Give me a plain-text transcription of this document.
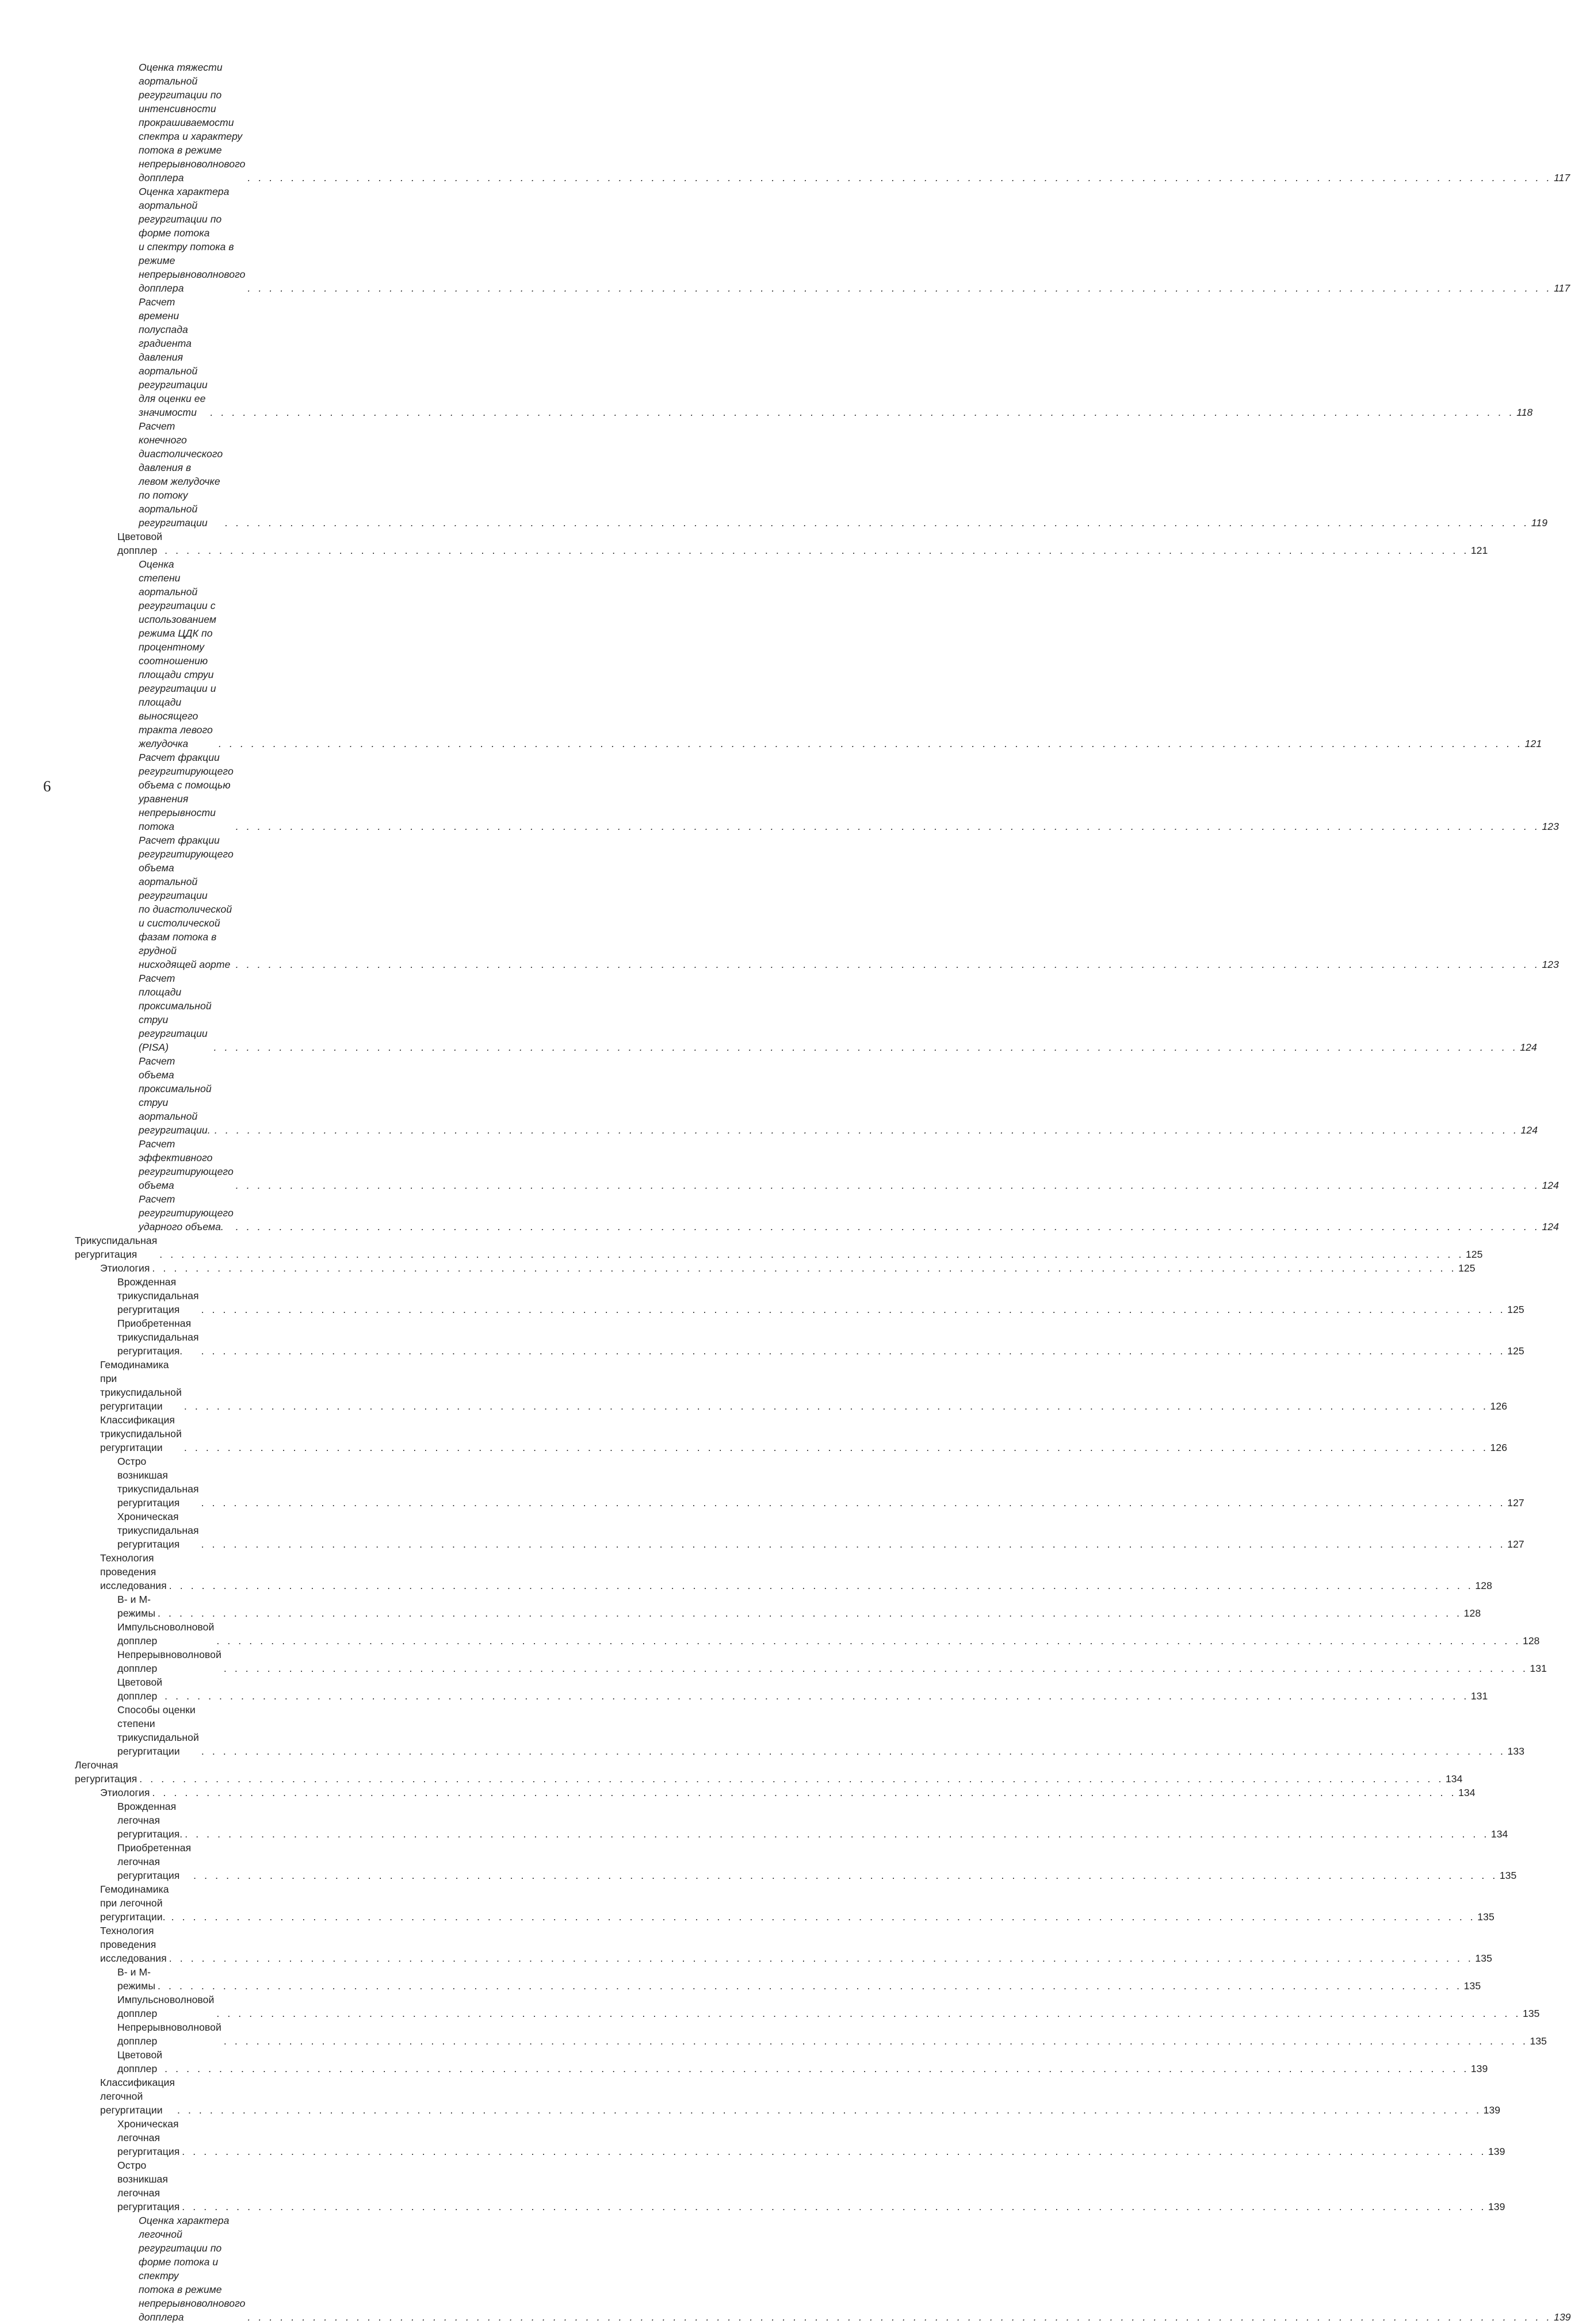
Оценка тяжести аортальной регургитации по интенсивности
прокрашиваемости спектра и характеру потока в режиме
непрерывноволнового допплера	. . . . . . . . . . . . . . . . . . . . . . . . . . . . . . . . . . . . . . . . . . . . . . . . . . . . . . . . . . . . . . . . . . . . . . . . . . . . . . . . . . . . . . . . . . . . . . . . . . . . . . . . . . . . . . . . . . . . . . . . 117
Оценка характера аортальной регургитации по форме потока
и спектру потока в режиме непрерывноволнового допплера	. . . . . . . . . . . . . . . . . . . . . . . . . . . . . . . . . . . . . . . . . . . . . . . . . . . . . . . . . . . . . . . . . . . . . . . . . . . . . . . . . . . . . . . . . . . . . . . . . . . . . . . . . . . . . . . . . . . . . . . . 117
Расчет времени полуспада градиента давления аортальной
регургитации для оценки ее значимости	. . . . . . . . . . . . . . . . . . . . . . . . . . . . . . . . . . . . . . . . . . . . . . . . . . . . . . . . . . . . . . . . . . . . . . . . . . . . . . . . . . . . . . . . . . . . . . . . . . . . . . . . . . . . . . . . . . . . . . . . 118
Расчет конечного диастолического давления в левом желудочке
по потоку аортальной регургитации	. . . . . . . . . . . . . . . . . . . . . . . . . . . . . . . . . . . . . . . . . . . . . . . . . . . . . . . . . . . . . . . . . . . . . . . . . . . . . . . . . . . . . . . . . . . . . . . . . . . . . . . . . . . . . . . . . . . . . . . . 119
Цветовой допплер . . . . . . . . . . . . . . . . . . . . . . . . . . . . . . . . . . . . . . . . . . . . . . . . . . . . . . . . . . . . . . . . . . . . . . . . . . . . . . . . . . . . . . . . . . . . . . . . . . . . . . . . . . . . . . . . . . . . . . . . 121
Оценка степени аортальной регургитации с использованием
режима ЦДК по процентному соотношению площади струи
регургитации и площади выносящего тракта левого желудочка	. . . . . . . . . . . . . . . . . . . . . . . . . . . . . . . . . . . . . . . . . . . . . . . . . . . . . . . . . . . . . . . . . . . . . . . . . . . . . . . . . . . . . . . . . . . . . . . . . . . . . . . . . . . . . . . . . . . . . . . . 121
Расчет фракции регургитирующего объема с помощью уравнения
непрерывности потока	. . . . . . . . . . . . . . . . . . . . . . . . . . . . . . . . . . . . . . . . . . . . . . . . . . . . . . . . . . . . . . . . . . . . . . . . . . . . . . . . . . . . . . . . . . . . . . . . . . . . . . . . . . . . . . . . . . . . . . . . 123
Расчет фракции регургитирующего объема аортальной регургитации
по диастолической и систолической фазам потока в грудной
нисходящей аорте . . . . . . . . . . . . . . . . . . . . . . . . . . . . . . . . . . . . . . . . . . . . . . . . . . . . . . . . . . . . . . . . . . . . . . . . . . . . . . . . . . . . . . . . . . . . . . . . . . . . . . . . . . . . . . . . . . . . . . . . 123
Расчет площади проксимальной струи регургитации (PISA)	. . . . . . . . . . . . . . . . . . . . . . . . . . . . . . . . . . . . . . . . . . . . . . . . . . . . . . . . . . . . . . . . . . . . . . . . . . . . . . . . . . . . . . . . . . . . . . . . . . . . . . . . . . . . . . . . . . . . . . . . 124
Расчет объема проксимальной струи аортальной регургитации. . . . . . . . . . . . . . . . . . . . . . . . . . . . . . . . . . . . . . . . . . . . . . . . . . . . . . . . . . . . . . . . . . . . . . . . . . . . . . . . . . . . . . . . . . . . . . . . . . . . . . . . . . . . . . . . . . . . . . . . . 124
Расчет эффективного регургитирующего объема	. . . . . . . . . . . . . . . . . . . . . . . . . . . . . . . . . . . . . . . . . . . . . . . . . . . . . . . . . . . . . . . . . . . . . . . . . . . . . . . . . . . . . . . . . . . . . . . . . . . . . . . . . . . . . . . . . . . . . . . . 124
Расчет регургитирующего ударного объема.	. . . . . . . . . . . . . . . . . . . . . . . . . . . . . . . . . . . . . . . . . . . . . . . . . . . . . . . . . . . . . . . . . . . . . . . . . . . . . . . . . . . . . . . . . . . . . . . . . . . . . . . . . . . . . . . . . . . . . . . . 124
Трикуспидальная регургитация	. . . . . . . . . . . . . . . . . . . . . . . . . . . . . . . . . . . . . . . . . . . . . . . . . . . . . . . . . . . . . . . . . . . . . . . . . . . . . . . . . . . . . . . . . . . . . . . . . . . . . . . . . . . . . . . . . . . . . . . . 125
Этиология . . . . . . . . . . . . . . . . . . . . . . . . . . . . . . . . . . . . . . . . . . . . . . . . . . . . . . . . . . . . . . . . . . . . . . . . . . . . . . . . . . . . . . . . . . . . . . . . . . . . . . . . . . . . . . . . . . . . . . . . 125
Врожденная трикуспидальная регургитация	. . . . . . . . . . . . . . . . . . . . . . . . . . . . . . . . . . . . . . . . . . . . . . . . . . . . . . . . . . . . . . . . . . . . . . . . . . . . . . . . . . . . . . . . . . . . . . . . . . . . . . . . . . . . . . . . . . . . . . . . 125
Приобретенная трикуспидальная регургитация.	. . . . . . . . . . . . . . . . . . . . . . . . . . . . . . . . . . . . . . . . . . . . . . . . . . . . . . . . . . . . . . . . . . . . . . . . . . . . . . . . . . . . . . . . . . . . . . . . . . . . . . . . . . . . . . . . . . . . . . . . 125
Гемодинамика при трикуспидальной регургитации	. . . . . . . . . . . . . . . . . . . . . . . . . . . . . . . . . . . . . . . . . . . . . . . . . . . . . . . . . . . . . . . . . . . . . . . . . . . . . . . . . . . . . . . . . . . . . . . . . . . . . . . . . . . . . . . . . . . . . . . . 126
Классификация трикуспидальной регургитации	. . . . . . . . . . . . . . . . . . . . . . . . . . . . . . . . . . . . . . . . . . . . . . . . . . . . . . . . . . . . . . . . . . . . . . . . . . . . . . . . . . . . . . . . . . . . . . . . . . . . . . . . . . . . . . . . . . . . . . . . 126
Остро возникшая трикуспидальная регургитация	. . . . . . . . . . . . . . . . . . . . . . . . . . . . . . . . . . . . . . . . . . . . . . . . . . . . . . . . . . . . . . . . . . . . . . . . . . . . . . . . . . . . . . . . . . . . . . . . . . . . . . . . . . . . . . . . . . . . . . . . 127
Хроническая трикуспидальная регургитация	. . . . . . . . . . . . . . . . . . . . . . . . . . . . . . . . . . . . . . . . . . . . . . . . . . . . . . . . . . . . . . . . . . . . . . . . . . . . . . . . . . . . . . . . . . . . . . . . . . . . . . . . . . . . . . . . . . . . . . . . 127
Технология проведения исследования . . . . . . . . . . . . . . . . . . . . . . . . . . . . . . . . . . . . . . . . . . . . . . . . . . . . . . . . . . . . . . . . . . . . . . . . . . . . . . . . . . . . . . . . . . . . . . . . . . . . . . . . . . . . . . . . . . . . . . . . 128
В- и М-режимы . . . . . . . . . . . . . . . . . . . . . . . . . . . . . . . . . . . . . . . . . . . . . . . . . . . . . . . . . . . . . . . . . . . . . . . . . . . . . . . . . . . . . . . . . . . . . . . . . . . . . . . . . . . . . . . . . . . . . . . . 128
Импульсноволновой допплер	. . . . . . . . . . . . . . . . . . . . . . . . . . . . . . . . . . . . . . . . . . . . . . . . . . . . . . . . . . . . . . . . . . . . . . . . . . . . . . . . . . . . . . . . . . . . . . . . . . . . . . . . . . . . . . . . . . . . . . . . 128
Непрерывноволновой допплер	. . . . . . . . . . . . . . . . . . . . . . . . . . . . . . . . . . . . . . . . . . . . . . . . . . . . . . . . . . . . . . . . . . . . . . . . . . . . . . . . . . . . . . . . . . . . . . . . . . . . . . . . . . . . . . . . . . . . . . . . 131
Цветовой допплер . . . . . . . . . . . . . . . . . . . . . . . . . . . . . . . . . . . . . . . . . . . . . . . . . . . . . . . . . . . . . . . . . . . . . . . . . . . . . . . . . . . . . . . . . . . . . . . . . . . . . . . . . . . . . . . . . . . . . . . . 131
Способы оценки степени трикуспидальной регургитации	. . . . . . . . . . . . . . . . . . . . . . . . . . . . . . . . . . . . . . . . . . . . . . . . . . . . . . . . . . . . . . . . . . . . . . . . . . . . . . . . . . . . . . . . . . . . . . . . . . . . . . . . . . . . . . . . . . . . . . . . 133
Легочная регургитация . . . . . . . . . . . . . . . . . . . . . . . . . . . . . . . . . . . . . . . . . . . . . . . . . . . . . . . . . . . . . . . . . . . . . . . . . . . . . . . . . . . . . . . . . . . . . . . . . . . . . . . . . . . . . . . . . . . . . . . . 134
Этиология . . . . . . . . . . . . . . . . . . . . . . . . . . . . . . . . . . . . . . . . . . . . . . . . . . . . . . . . . . . . . . . . . . . . . . . . . . . . . . . . . . . . . . . . . . . . . . . . . . . . . . . . . . . . . . . . . . . . . . . . 134
Врожденная легочная регургитация. . . . . . . . . . . . . . . . . . . . . . . . . . . . . . . . . . . . . . . . . . . . . . . . . . . . . . . . . . . . . . . . . . . . . . . . . . . . . . . . . . . . . . . . . . . . . . . . . . . . . . . . . . . . . . . . . . . . . . . . . 134
Приобретенная легочная регургитация	. . . . . . . . . . . . . . . . . . . . . . . . . . . . . . . . . . . . . . . . . . . . . . . . . . . . . . . . . . . . . . . . . . . . . . . . . . . . . . . . . . . . . . . . . . . . . . . . . . . . . . . . . . . . . . . . . . . . . . . . 135
Гемодинамика при легочной регургитации. . . . . . . . . . . . . . . . . . . . . . . . . . . . . . . . . . . . . . . . . . . . . . . . . . . . . . . . . . . . . . . . . . . . . . . . . . . . . . . . . . . . . . . . . . . . . . . . . . . . . . . . . . . . . . . . . . . . . . . . . 135
Технология проведения исследования . . . . . . . . . . . . . . . . . . . . . . . . . . . . . . . . . . . . . . . . . . . . . . . . . . . . . . . . . . . . . . . . . . . . . . . . . . . . . . . . . . . . . . . . . . . . . . . . . . . . . . . . . . . . . . . . . . . . . . . . 135
В- и М-режимы . . . . . . . . . . . . . . . . . . . . . . . . . . . . . . . . . . . . . . . . . . . . . . . . . . . . . . . . . . . . . . . . . . . . . . . . . . . . . . . . . . . . . . . . . . . . . . . . . . . . . . . . . . . . . . . . . . . . . . . . 135
Импульсноволновой допплер	. . . . . . . . . . . . . . . . . . . . . . . . . . . . . . . . . . . . . . . . . . . . . . . . . . . . . . . . . . . . . . . . . . . . . . . . . . . . . . . . . . . . . . . . . . . . . . . . . . . . . . . . . . . . . . . . . . . . . . . . 135
Непрерывноволновой допплер	. . . . . . . . . . . . . . . . . . . . . . . . . . . . . . . . . . . . . . . . . . . . . . . . . . . . . . . . . . . . . . . . . . . . . . . . . . . . . . . . . . . . . . . . . . . . . . . . . . . . . . . . . . . . . . . . . . . . . . . . 135
Цветовой допплер . . . . . . . . . . . . . . . . . . . . . . . . . . . . . . . . . . . . . . . . . . . . . . . . . . . . . . . . . . . . . . . . . . . . . . . . . . . . . . . . . . . . . . . . . . . . . . . . . . . . . . . . . . . . . . . . . . . . . . . . 139
Классификация легочной регургитации	. . . . . . . . . . . . . . . . . . . . . . . . . . . . . . . . . . . . . . . . . . . . . . . . . . . . . . . . . . . . . . . . . . . . . . . . . . . . . . . . . . . . . . . . . . . . . . . . . . . . . . . . . . . . . . . . . . . . . . . . 139
Хроническая легочная регургитация . . . . . . . . . . . . . . . . . . . . . . . . . . . . . . . . . . . . . . . . . . . . . . . . . . . . . . . . . . . . . . . . . . . . . . . . . . . . . . . . . . . . . . . . . . . . . . . . . . . . . . . . . . . . . . . . . . . . . . . . 139
Остро возникшая легочная регургитация . . . . . . . . . . . . . . . . . . . . . . . . . . . . . . . . . . . . . . . . . . . . . . . . . . . . . . . . . . . . . . . . . . . . . . . . . . . . . . . . . . . . . . . . . . . . . . . . . . . . . . . . . . . . . . . . . . . . . . . . 139
Оценка характера легочной регургитации по форме потока и спектру
потока в режиме непрерывноволнового допплера	. . . . . . . . . . . . . . . . . . . . . . . . . . . . . . . . . . . . . . . . . . . . . . . . . . . . . . . . . . . . . . . . . . . . . . . . . . . . . . . . . . . . . . . . . . . . . . . . . . . . . . . . . . . . . . . . . . . . . . . . 139
6
